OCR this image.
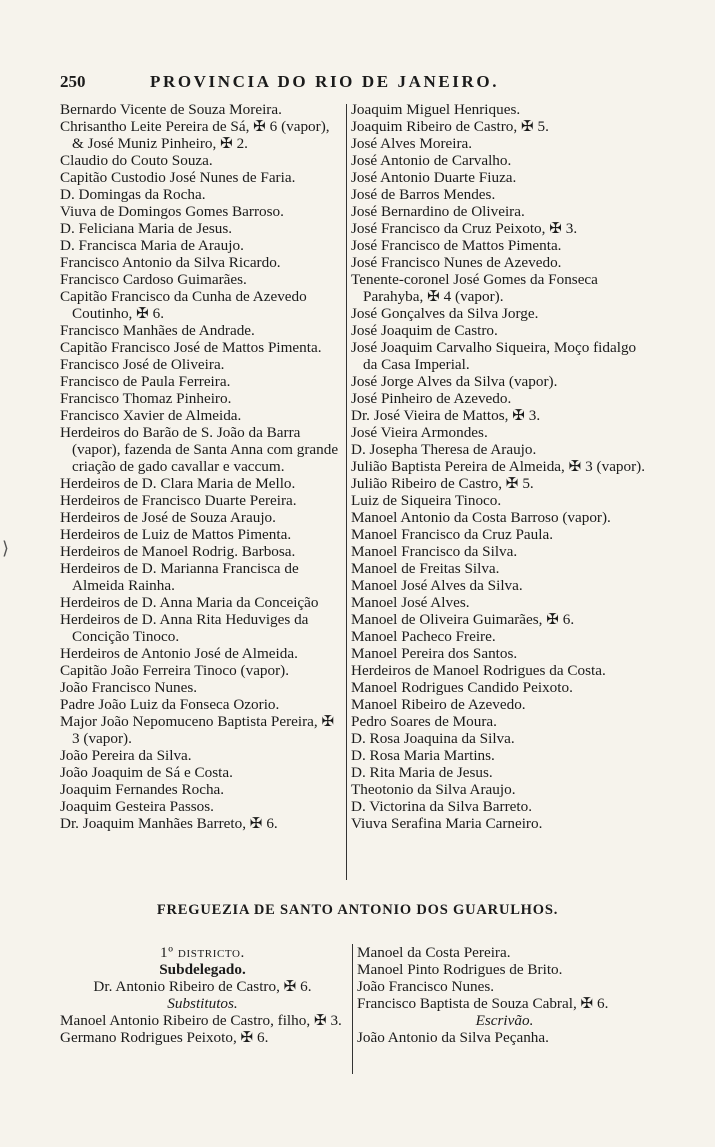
250	PROVINCIA DO RIO DE JANEIRO.
⟩
Bernardo Vicente de Souza Moreira.
Chrisantho Leite Pereira de Sá, ✠ 6 (vapor), & José Muniz Pinheiro, ✠ 2.
Claudio do Couto Souza.
Capitão Custodio José Nunes de Faria.
D. Domingas da Rocha.
Viuva de Domingos Gomes Barroso.
D. Feliciana Maria de Jesus.
D. Francisca Maria de Araujo.
Francisco Antonio da Silva Ricardo.
Francisco Cardoso Guimarães.
Capitão Francisco da Cunha de Azevedo Coutinho, ✠ 6.
Francisco Manhães de Andrade.
Capitão Francisco José de Mattos Pimenta.
Francisco José de Oliveira.
Francisco de Paula Ferreira.
Francisco Thomaz Pinheiro.
Francisco Xavier de Almeida.
Herdeiros do Barão de S. João da Barra (vapor), fazenda de Santa Anna com grande criação de gado cavallar e vaccum.
Herdeiros de D. Clara Maria de Mello.
Herdeiros de Francisco Duarte Pereira.
Herdeiros de José de Souza Araujo.
Herdeiros de Luiz de Mattos Pimenta.
Herdeiros de Manoel Rodrig. Barbosa.
Herdeiros de D. Marianna Francisca de Almeida Rainha.
Herdeiros de D. Anna Maria da Conceição
Herdeiros de D. Anna Rita Heduviges da Concição Tinoco.
Herdeiros de Antonio José de Almeida.
Capitão João Ferreira Tinoco (vapor).
João Francisco Nunes.
Padre João Luiz da Fonseca Ozorio.
Major João Nepomuceno Baptista Pereira, ✠ 3 (vapor).
João Pereira da Silva.
João Joaquim de Sá e Costa.
Joaquim Fernandes Rocha.
Joaquim Gesteira Passos.
Dr. Joaquim Manhães Barreto, ✠ 6.
Joaquim Miguel Henriques.
Joaquim Ribeiro de Castro, ✠ 5.
José Alves Moreira.
José Antonio de Carvalho.
José Antonio Duarte Fiuza.
José de Barros Mendes.
José Bernardino de Oliveira.
José Francisco da Cruz Peixoto, ✠ 3.
José Francisco de Mattos Pimenta.
José Francisco Nunes de Azevedo.
Tenente-coronel José Gomes da Fonseca Parahyba, ✠ 4 (vapor).
José Gonçalves da Silva Jorge.
José Joaquim de Castro.
José Joaquim Carvalho Siqueira, Moço fidalgo da Casa Imperial.
José Jorge Alves da Silva (vapor).
José Pinheiro de Azevedo.
Dr. José Vieira de Mattos, ✠ 3.
José Vieira Armondes.
D. Josepha Theresa de Araujo.
Julião Baptista Pereira de Almeida, ✠ 3 (vapor).
Julião Ribeiro de Castro, ✠ 5.
Luiz de Siqueira Tinoco.
Manoel Antonio da Costa Barroso (vapor).
Manoel Francisco da Cruz Paula.
Manoel Francisco da Silva.
Manoel de Freitas Silva.
Manoel José Alves da Silva.
Manoel José Alves.
Manoel de Oliveira Guimarães, ✠ 6.
Manoel Pacheco Freire.
Manoel Pereira dos Santos.
Herdeiros de Manoel Rodrigues da Costa.
Manoel Rodrigues Candido Peixoto.
Manoel Ribeiro de Azevedo.
Pedro Soares de Moura.
D. Rosa Joaquina da Silva.
D. Rosa Maria Martins.
D. Rita Maria de Jesus.
Theotonio da Silva Araujo.
D. Victorina da Silva Barreto.
Viuva Serafina Maria Carneiro.
FREGUEZIA DE SANTO ANTONIO DOS GUARULHOS.
1º districto.
Subdelegado.
Dr. Antonio Ribeiro de Castro, ✠ 6.
Substitutos.
Manoel Antonio Ribeiro de Castro, filho, ✠ 3.
Germano Rodrigues Peixoto, ✠ 6.
Manoel da Costa Pereira.
Manoel Pinto Rodrigues de Brito.
João Francisco Nunes.
Francisco Baptista de Souza Cabral, ✠ 6.
Escrivão.
João Antonio da Silva Peçanha.
